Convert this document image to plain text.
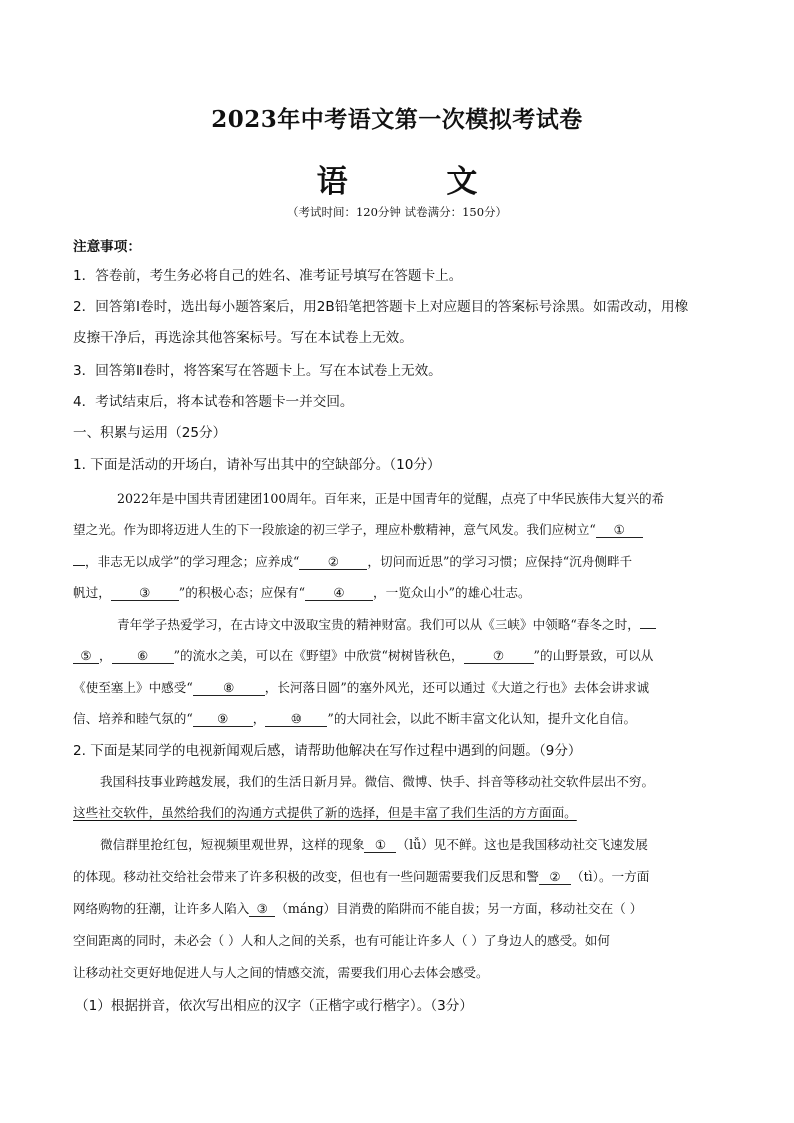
2023年中考语文第一次模拟考试卷
语 文
（考试时间：120分钟 试卷满分：150分）
注意事项：
1．答卷前，考生务必将自己的姓名、准考证号填写在答题卡上。
2．回答第Ⅰ卷时，选出每小题答案后，用2B铅笔把答题卡上对应题目的答案标号涂黑。如需改动，用橡
皮擦干净后，再选涂其他答案标号。写在本试卷上无效。
3．回答第Ⅱ卷时，将答案写在答题卡上。写在本试卷上无效。
4．考试结束后，将本试卷和答题卡一并交回。
一、积累与运用（25分）
1. 下面是活动的开场白，请补写出其中的空缺部分。（10分）
2022年是中国共青团建团100周年。百年来，正是中国青年的觉醒，点亮了中华民族伟大复兴的希
望之光。作为即将迈进人生的下一段旅途的初三学子，理应朴敷精神，意气风发。我们应树立“ ①
，非志无以成学”的学习理念；应养成“ ② ，切问而近思”的学习习惯；应保持“沉舟侧畔千
帆过， ③ ”的积极心态；应保有“ ④ ，一览众山小”的雄心壮志。
青年学子热爱学习，在古诗文中汲取宝贵的精神财富。我们可以从《三峡》中领略“春冬之时，
⑤ ， ⑥ ”的流水之美，可以在《野望》中欣赏“树树皆秋色， ⑦ ”的山野景致，可以从
《使至塞上》中感受“ ⑧ ，长河落日圆”的塞外风光，还可以通过《大道之行也》去体会讲求诚
信、培养和睦气氛的“ ⑨ ， ⑩ ”的大同社会，以此不断丰富文化认知，提升文化自信。
2. 下面是某同学的电视新闻观后感，请帮助他解决在写作过程中遇到的问题。（9分）
我国科技事业跨越发展，我们的生活日新月异。微信、微博、快手、抖音等移动社交软件层出不穷。
这些社交软件，虽然给我们的沟通方式提供了新的选择，但是丰富了我们生活的方方面面。
微信群里抢红包，短视频里观世界，这样的现象 ① （lǚ）见不鲜。这也是我国移动社交飞速发展
的体现。移动社交给社会带来了许多积极的改变，但也有一些问题需要我们反思和警 ② （tì）。一方面
网络购物的狂潮，让许多人陷入 ③ （mánɡ）目消费的陷阱而不能自拔；另一方面，移动社交在（ ）
空间距离的同时，未必会（ ）人和人之间的关系，也有可能让许多人（ ）了身边人的感受。如何
让移动社交更好地促进人与人之间的情感交流，需要我们用心去体会感受。
（1）根据拼音，依次写出相应的汉字（正楷字或行楷字）。（3分）
